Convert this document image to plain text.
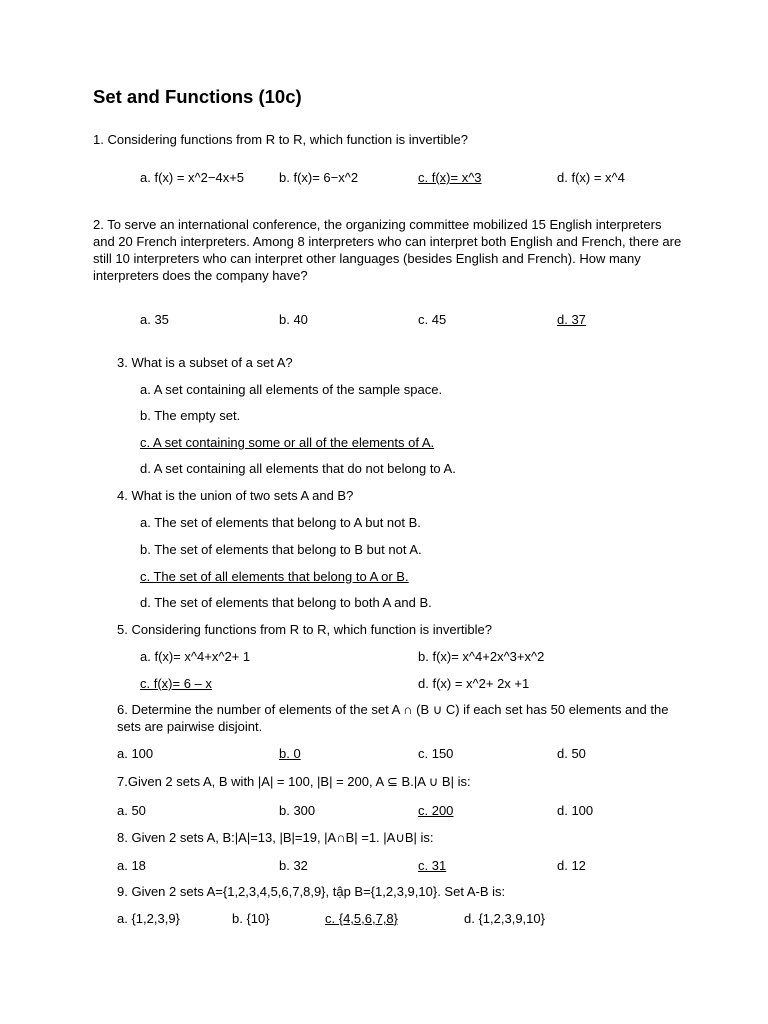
Set and Functions (10c)
1. Considering functions from R to R, which function is invertible?
a. f(x) = x^2−4x+5	b. f(x)= 6−x^2	c. f(x)= x^3	d. f(x) = x^4
2. To serve an international conference, the organizing committee mobilized 15 English interpreters and 20 French interpreters. Among 8 interpreters who can interpret both English and French, there are still 10 interpreters who can interpret other languages (besides English and French). How many interpreters does the company have?
a. 35	b. 40	c. 45	d. 37
3. What is a subset of a set A?
a. A set containing all elements of the sample space.
b. The empty set.
c. A set containing some or all of the elements of A.
d. A set containing all elements that do not belong to A.
4. What is the union of two sets A and B?
a. The set of elements that belong to A but not B.
b. The set of elements that belong to B but not A.
c. The set of all elements that belong to A or B.
d. The set of elements that belong to both A and B.
5. Considering functions from R to R, which function is invertible?
a. f(x)= x^4+x^2+ 1	b. f(x)= x^4+2x^3+x^2
c. f(x)= 6 – x	d. f(x) = x^2+ 2x +1
6. Determine the number of elements of the set A ∩ (B ∪ C) if each set has 50 elements and the sets are pairwise disjoint.
a. 100	b. 0	c. 150	d. 50
7.Given 2 sets A, B with |A| = 100, |B| = 200, A ⊆ B.|A ∪ B| is:
a. 50	b. 300	c. 200	d. 100
8. Given 2 sets A, B:|A|=13, |B|=19, |A∩B| =1. |A∪B| is:
a. 18	b. 32	c. 31	d. 12
9. Given 2 sets A={1,2,3,4,5,6,7,8,9}, tập B={1,2,3,9,10}. Set A-B is:
a. {1,2,3,9}	b. {10}	c. {4,5,6,7,8}	d. {1,2,3,9,10}
